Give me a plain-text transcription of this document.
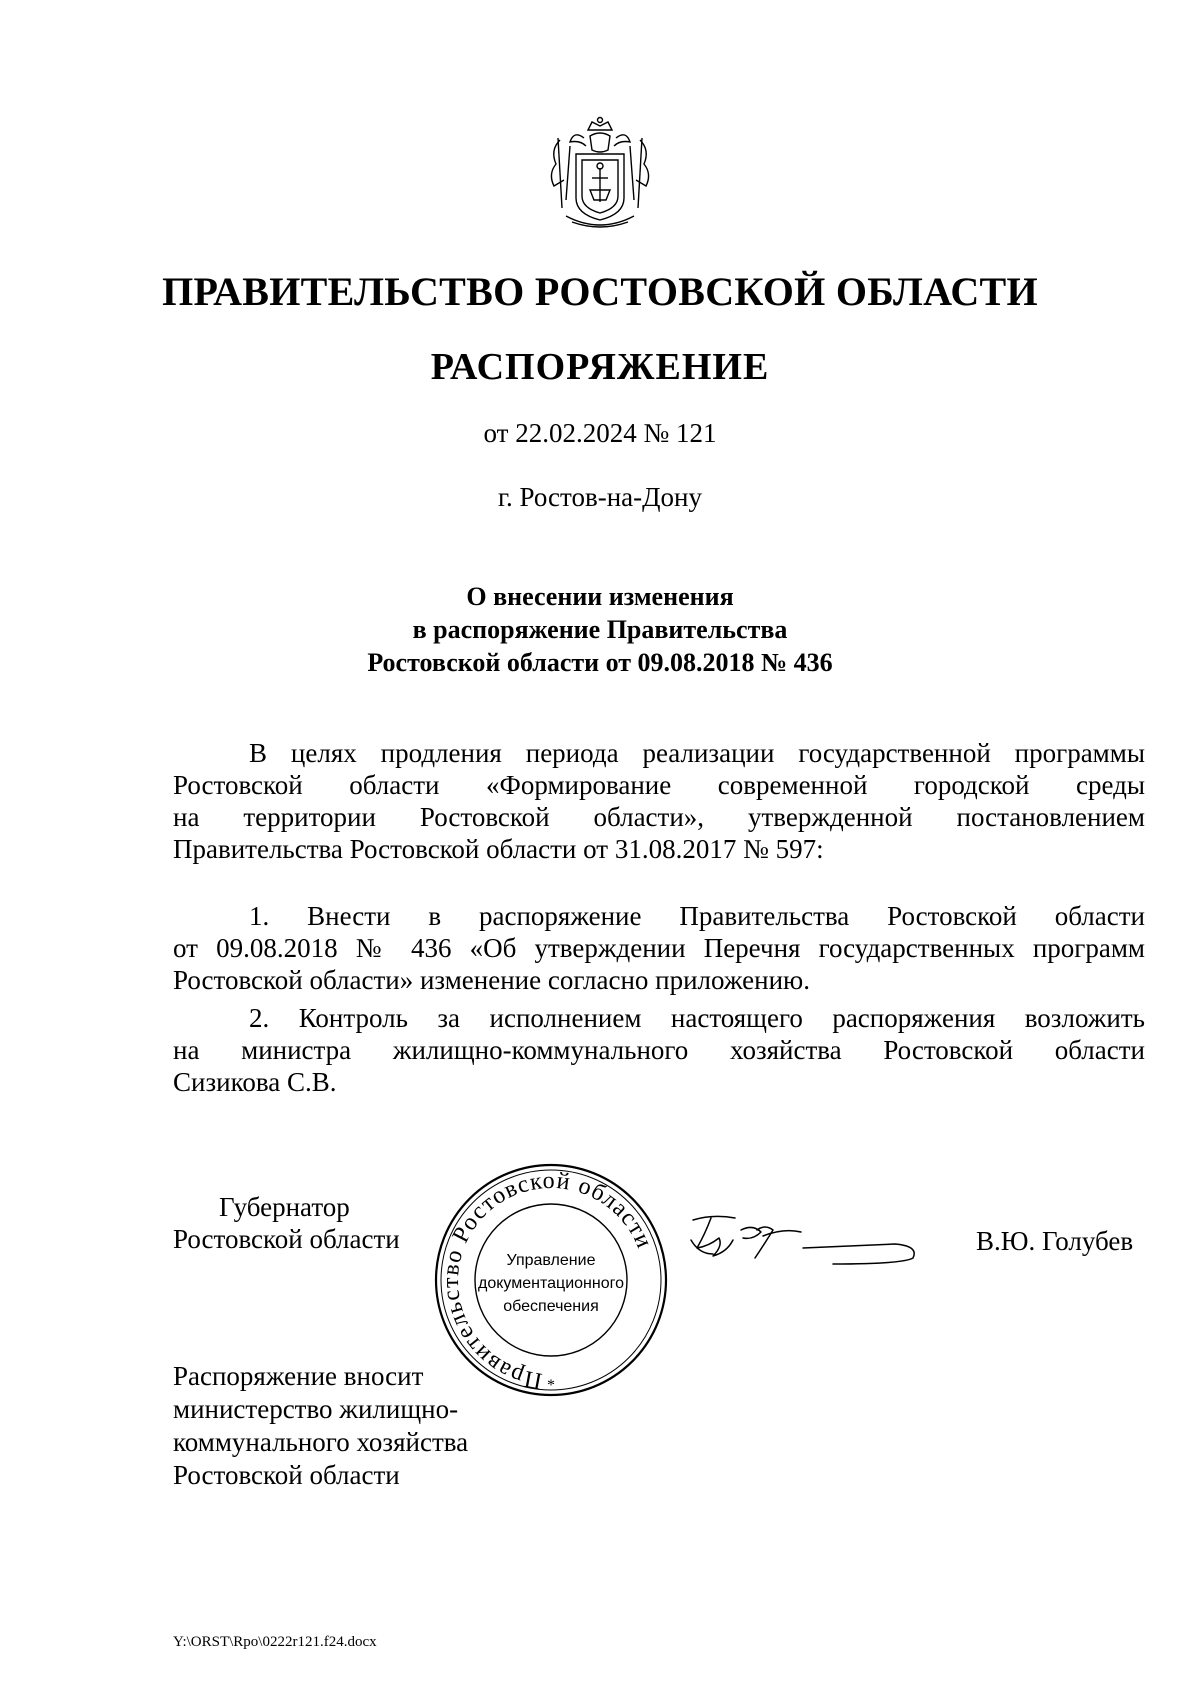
ПРАВИТЕЛЬСТВО РОСТОВСКОЙ ОБЛАСТИ
РАСПОРЯЖЕНИЕ
от 22.02.2024 № 121
г. Ростов-на-Дону
О внесении изменения
в распоряжение Правительства
Ростовской области от 09.08.2018 № 436
В целях продления периода реализации государственной программы
Ростовской области «Формирование современной городской среды
на территории Ростовской области», утвержденной постановлением
Правительства Ростовской области от 31.08.2017 № 597:
1. Внести в распоряжение Правительства Ростовской области
от 09.08.2018 № 436 «Об утверждении Перечня государственных программ
Ростовской области» изменение согласно приложению.
2. Контроль за исполнением настоящего распоряжения возложить
на министра жилищно-коммунального хозяйства Ростовской области
Сизикова С.В.
Губернатор
Ростовской области
Правительство Ростовской области
*
Управление
документационного
обеспечения
В.Ю. Голубев
Распоряжение вносит
министерство жилищно-
коммунального хозяйства
Ростовской области
Y:\ORST\Rpo\0222r121.f24.docx
